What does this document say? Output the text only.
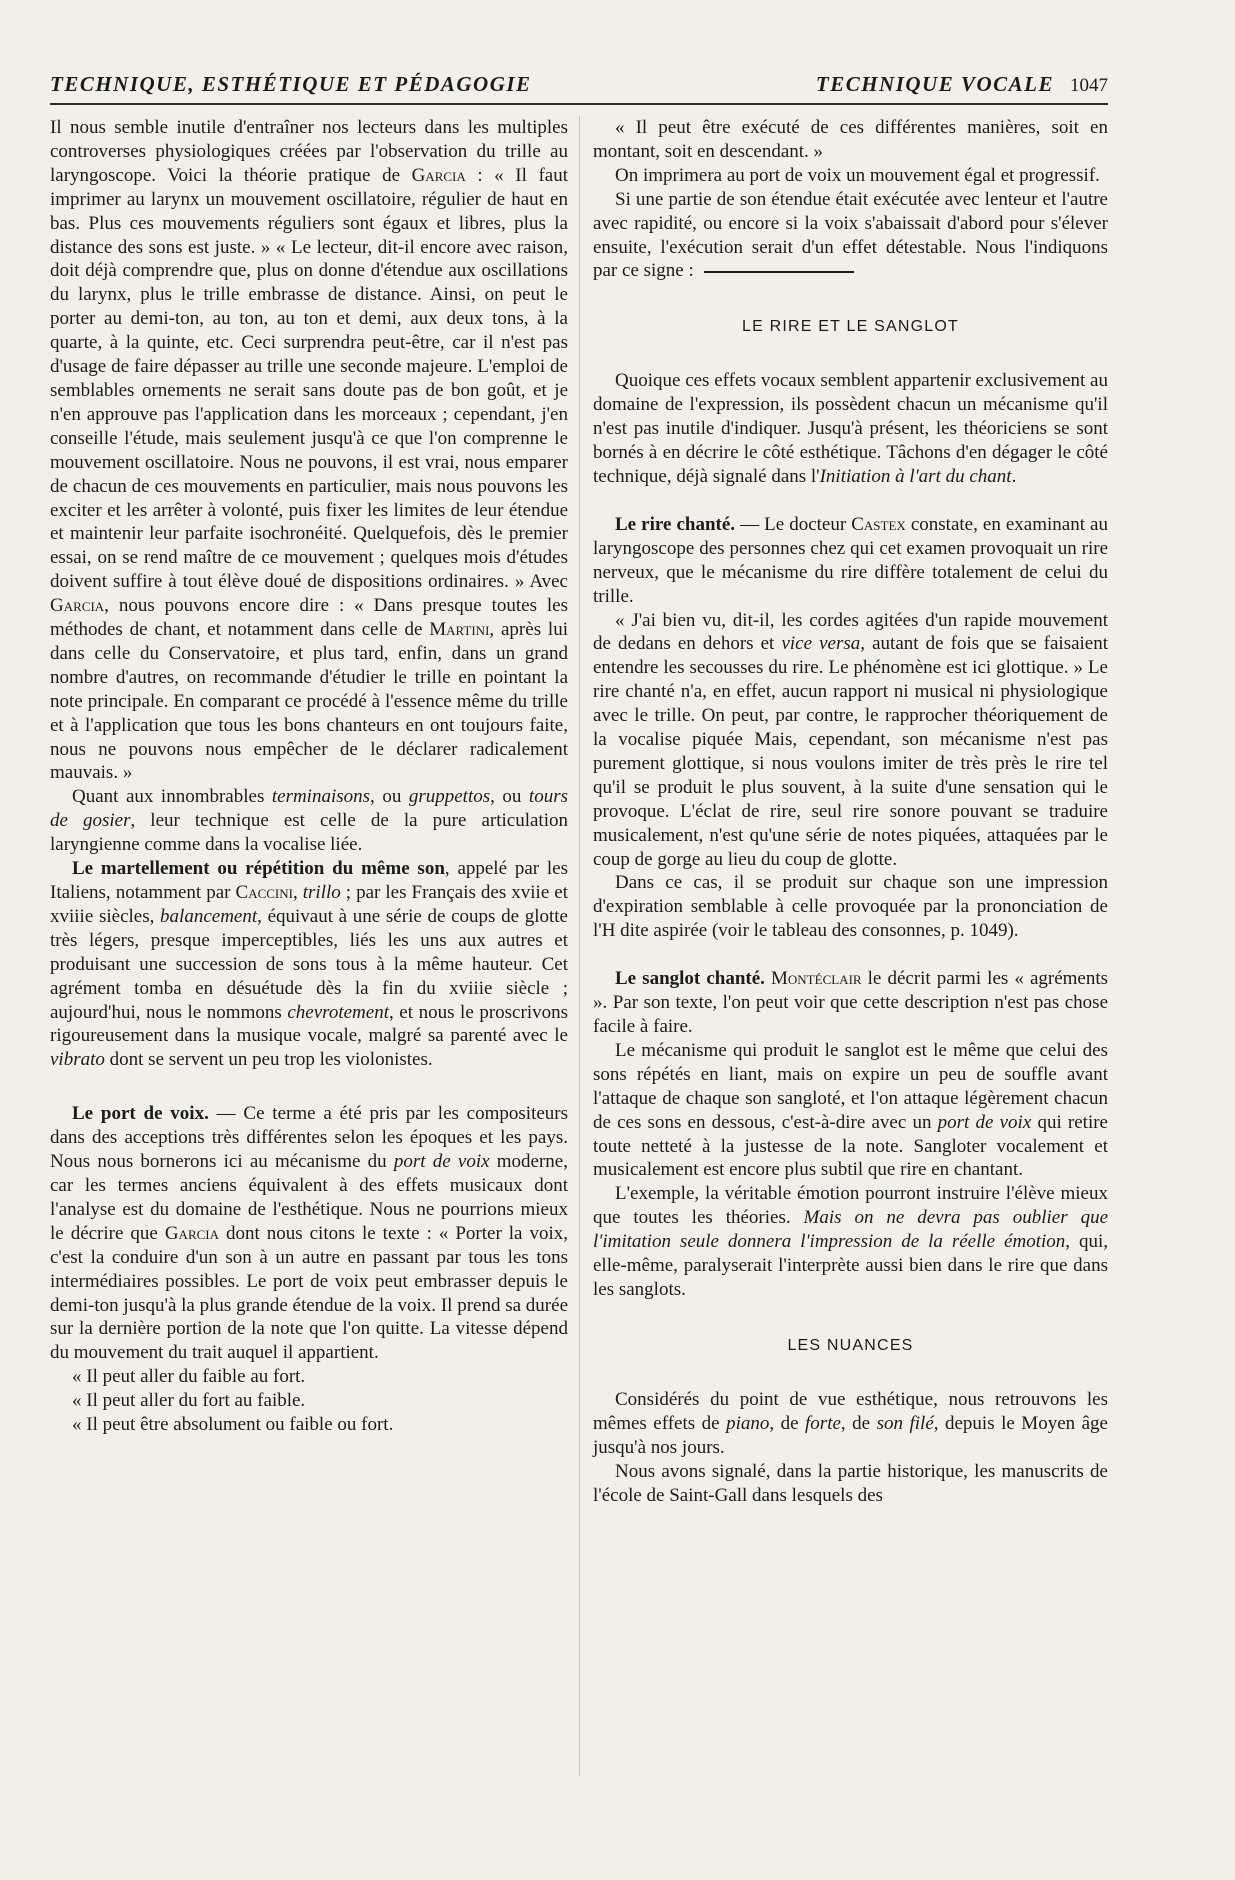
TECHNIQUE, ESTHÉTIQUE ET PÉDAGOGIE	TECHNIQUE VOCALE 1047

Il nous semble inutile d'entraîner nos lecteurs dans les multiples controverses physiologiques créées par l'observation du trille au laryngoscope. Voici la théorie pratique de Garcia : « Il faut imprimer au larynx un mouvement oscillatoire, régulier de haut en bas. Plus ces mouvements réguliers sont égaux et libres, plus la distance des sons est juste. » « Le lecteur, dit-il encore avec raison, doit déjà comprendre que, plus on donne d'étendue aux oscillations du larynx, plus le trille embrasse de distance. Ainsi, on peut le porter au demi-ton, au ton, au ton et demi, aux deux tons, à la quarte, à la quinte, etc. Ceci surprendra peut-être, car il n'est pas d'usage de faire dépasser au trille une seconde majeure. L'emploi de semblables ornements ne serait sans doute pas de bon goût, et je n'en approuve pas l'application dans les morceaux ; cependant, j'en conseille l'étude, mais seulement jusqu'à ce que l'on comprenne le mouvement oscillatoire. Nous ne pouvons, il est vrai, nous emparer de chacun de ces mouvements en particulier, mais nous pouvons les exciter et les arrêter à volonté, puis fixer les limites de leur étendue et maintenir leur parfaite isochronéité. Quelquefois, dès le premier essai, on se rend maître de ce mouvement ; quelques mois d'études doivent suffire à tout élève doué de dispositions ordinaires. » Avec Garcia, nous pouvons encore dire : « Dans presque toutes les méthodes de chant, et notamment dans celle de Martini, après lui dans celle du Conservatoire, et plus tard, enfin, dans un grand nombre d'autres, on recommande d'étudier le trille en pointant la note principale. En comparant ce procédé à l'essence même du trille et à l'application que tous les bons chanteurs en ont toujours faite, nous ne pouvons nous empêcher de le déclarer radicalement mauvais. »

Quant aux innombrables terminaisons, ou gruppettos, ou tours de gosier, leur technique est celle de la pure articulation laryngienne comme dans la vocalise liée.

Le martellement ou répétition du même son, appelé par les Italiens, notamment par Caccini, trillo ; par les Français des xviie et xviiie siècles, balancement, équivaut à une série de coups de glotte très légers, presque imperceptibles, liés les uns aux autres et produisant une succession de sons tous à la même hauteur. Cet agrément tomba en désuétude dès la fin du xviiie siècle ; aujourd'hui, nous le nommons chevrotement, et nous le proscrivons rigoureusement dans la musique vocale, malgré sa parenté avec le vibrato dont se servent un peu trop les violonistes.

Le port de voix. — Ce terme a été pris par les compositeurs dans des acceptions très différentes selon les époques et les pays. Nous nous bornerons ici au mécanisme du port de voix moderne, car les termes anciens équivalent à des effets musicaux dont l'analyse est du domaine de l'esthétique. Nous ne pourrions mieux le décrire que Garcia dont nous citons le texte : « Porter la voix, c'est la conduire d'un son à un autre en passant par tous les tons intermédiaires possibles. Le port de voix peut embrasser depuis le demi-ton jusqu'à la plus grande étendue de la voix. Il prend sa durée sur la dernière portion de la note que l'on quitte. La vitesse dépend du mouvement du trait auquel il appartient.

« Il peut aller du faible au fort.

« Il peut aller du fort au faible.

« Il peut être absolument ou faible ou fort.

« Il peut être exécuté de ces différentes manières, soit en montant, soit en descendant. »

On imprimera au port de voix un mouvement égal et progressif.

Si une partie de son étendue était exécutée avec lenteur et l'autre avec rapidité, ou encore si la voix s'abaissait d'abord pour s'élever ensuite, l'exécution serait d'un effet détestable. Nous l'indiquons par ce signe :

LE RIRE ET LE SANGLOT

Quoique ces effets vocaux semblent appartenir exclusivement au domaine de l'expression, ils possèdent chacun un mécanisme qu'il n'est pas inutile d'indiquer. Jusqu'à présent, les théoriciens se sont bornés à en décrire le côté esthétique. Tâchons d'en dégager le côté technique, déjà signalé dans l'Initiation à l'art du chant.

Le rire chanté. — Le docteur Castex constate, en examinant au laryngoscope des personnes chez qui cet examen provoquait un rire nerveux, que le mécanisme du rire diffère totalement de celui du trille.

« J'ai bien vu, dit-il, les cordes agitées d'un rapide mouvement de dedans en dehors et vice versa, autant de fois que se faisaient entendre les secousses du rire. Le phénomène est ici glottique. » Le rire chanté n'a, en effet, aucun rapport ni musical ni physiologique avec le trille. On peut, par contre, le rapprocher théoriquement de la vocalise piquée Mais, cependant, son mécanisme n'est pas purement glottique, si nous voulons imiter de très près le rire tel qu'il se produit le plus souvent, à la suite d'une sensation qui le provoque. L'éclat de rire, seul rire sonore pouvant se traduire musicalement, n'est qu'une série de notes piquées, attaquées par le coup de gorge au lieu du coup de glotte.

Dans ce cas, il se produit sur chaque son une impression d'expiration semblable à celle provoquée par la prononciation de l'H dite aspirée (voir le tableau des consonnes, p. 1049).

Le sanglot chanté. Montéclair le décrit parmi les « agréments ». Par son texte, l'on peut voir que cette description n'est pas chose facile à faire.

Le mécanisme qui produit le sanglot est le même que celui des sons répétés en liant, mais on expire un peu de souffle avant l'attaque de chaque son sangloté, et l'on attaque légèrement chacun de ces sons en dessous, c'est-à-dire avec un port de voix qui retire toute netteté à la justesse de la note. Sangloter vocalement et musicalement est encore plus subtil que rire en chantant.

L'exemple, la véritable émotion pourront instruire l'élève mieux que toutes les théories. Mais on ne devra pas oublier que l'imitation seule donnera l'impression de la réelle émotion, qui, elle-même, paralyserait l'interprète aussi bien dans le rire que dans les sanglots.

LES NUANCES

Considérés du point de vue esthétique, nous retrouvons les mêmes effets de piano, de forte, de son filé, depuis le Moyen âge jusqu'à nos jours.

Nous avons signalé, dans la partie historique, les manuscrits de l'école de Saint-Gall dans lesquels des
